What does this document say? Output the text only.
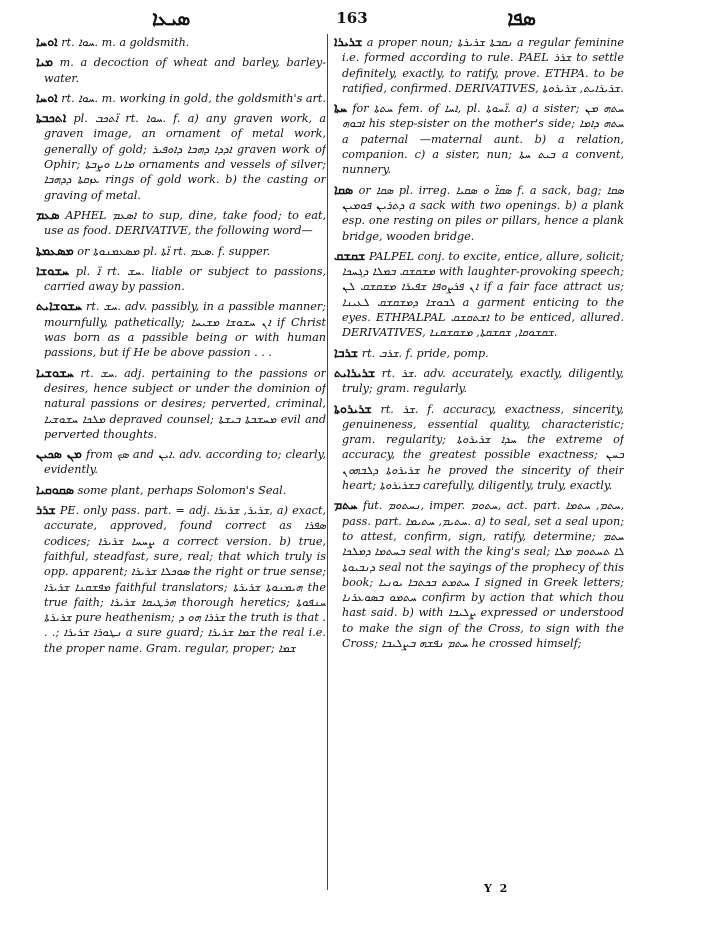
ܣܝܥܐ	163	ܣܦܐ

ܐܘܚܐ rt. ܚܘܐ. m. a goldsmith.

ܡܝܐ m. a decoction of wheat and barley, barley-water.

ܐܘܚܐ rt. ܚܘܐ. m. working in gold, the goldsmith's art.

ܐܬܟܒܬܐ pl. ܐ̈ܬܟܒ rt. ܚܘܐ. f. a) any graven work, a graven image, an ornament of metal work, generally of gold; ܐܕܕܐ ܕܗܒܐ ܕܐܘܦܝܪ graven work of Ophir; ܡܐܢܐ ܘܨܒܬܐ ornaments and vessels of silver; ܥܙܩܬܐ ܕܕܗܒܐ rings of gold work. b) the casting or graving of metal.

ܣܥܡ APHEL ܐܣܥܡ to sup, dine, take food; to eat, use as food. DERIVATIVE, the following word—

ܡܣܥܡܬܐ or ܡܣܥܡܢܘܬܐ pl. ܐ̈ܬܐ rt. ܣܥܡ. f. supper.

ܚܫܘܫܐ pl. ܐ̈ rt. ܚܫ. liable or subject to passions, carried away by passion.

ܚܫܘܫܐܝܬ rt. ܚܫ. adv. passibly, in a passible manner; mournfully, pathetically; ܐܢ ܚܫܘܫܐ ܡܫܝܚܐ if Christ was born as a passible being or with human passions, but if He be above passion . . .

ܚܫܘܫܝܐ rt. ܚܫ. adj. pertaining to the passions or desires, hence subject or under the dominion of natural passions or desires; perverted, criminal, ܡܠܟܐ ܚܫܘܫܝܐ depraved counsel; ܡܚܫܒܬܐ ܒܝܫܬܐ evil and perverted thoughts.

ܡܢ ܣܟܝܢ from ܣܟ and ܐܝܢ. adv. according to; clearly, evidently.

ܣܩܘܩܝܐ some plant, perhaps Solomon's Seal.

ܫܪܪ PE. only pass. part. = adj. ܫܪܝܪ, ܫܪܝܪܐ, a) exact, accurate, approved, found correct as ܣܦܪܐ codices; ܨܚܚܐ ܫܪܝܪܐ a correct version. b) true, faithful, steadfast, sure, real; that which truly is opp. apparent; ܣܘܟܠܐ ܫܪܝܪܐ the right or true sense; ܡܦܫܩܢܐ ܫܪܝܪܐ faithful translators; ܗܝܡܢܘܬܐ ܫܪܝܪܬܐ the true faith; ܗܪܛܝܩܐ ܫܪܝܪܐ thorough heretics; ܚܢܦܘܬܐ ܫܪܝܪܬܐ pure heathenism; ܫܪܪܐ ܗܘ ܕ the truth is that . . .; ܢܛܘܪܐ ܫܪܝܪܐ a sure guard; ܫܡܐ ܫܪܝܪܐ the real i.e. the proper name. Gram. regular, proper; ܫܡܐ

ܫܪܝܪܐ a proper noun; ܢܩܒܬܐ ܫܪܝܪܬܐ a regular feminine i.e. formed according to rule. PAEL ܫܪܪ to settle definitely, exactly, to ratify, prove. ETHPA. to be ratified, confirmed. DERIVATIVES, ܫܪܝܪܐܝܬ, ܫܪܝܪܘܬܐ.

ܚܬܐ for ܚܬܬܐ fem. of ܐܚܐ, pl. ܐ̈ܚܘܬܐ. a) a sister; ܚܬܗ ܡܢ ܐܒܘܗ his step-sister on the mother's side; ܚܬܗ ܕܐܡܐ a paternal —maternal aunt. b) a relation, companion. c) a sister, nun; ܒܝܬ ܚܬܐ a convent, nunnery.

ܣܩܐ or ܣܩܐ pl. irreg. ܣܩܐ̈ ܘ ܣܩܝܐ f. a sack, bag; ܣܩܐ ܕܬܪܝܢ ܦܘܡܝܢ a sack with two openings. b) a plank esp. one resting on piles or pillars, hence a plank bridge, wooden bridge.

ܫܩܫܩ PALPEL conj. to excite, entice, allure, solicit; ܡܫܩܫܩ ܒܡܠܐ ܕܓܚܟܐ with laughter-provoking speech; ܐܢ ܦܪܨܘܦܐ ܫܦܝܪܐ ܡܫܩܫܩ ܠܢ if a fair face attract us; ܠܒܘܫܐ ܕܡܫܩܫܩ ܠܥܝܢܐ a garment enticing to the eyes. ETHPALPAL ܐܫܬܩܫܩ to be enticed, allured. DERIVATIVES, ܫܩܫܘܩܐ, ܫܩܫܩܬܐ, ܡܫܩܫܩܢܐ.

ܫܪܒܐ rt. ܫܪܒ. f. pride, pomp.

ܫܪܝܪܐܝܬ rt. ܫܪ. adv. accurately, exactly, diligently, truly; gram. regularly.

ܫܪܝܪܘܬܐ rt. ܫܪ. f. accuracy, exactness, sincerity, genuineness, essential quality, characteristic; gram. regularity; ܚܕܐ ܫܪܝܪܘܬܐ the extreme of accuracy, the greatest possible exactness; ܒܚܢ ܫܪܝܪܘܬܐ ܕܠܒܗܘܢ he proved the sincerity of their heart; ܒܫܪܝܪܘܬܐ carefully, diligently, truly, exactly.

ܚܬܡ fut. ܢܚܬܘܡ, imper. ܚܬܘܡ, act. part. ܚܬܡ, ܚܬܡܐ, pass. part. ܚܬܝܡ, ܚܬܝܡܐ. a) to seal, set a seal upon; to attest, confirm, sign, ratify, determine; ܚܬܡ ܒܚܬܡܐ ܕܡܠܟܐ seal with the king's seal; ܠܐ ܬܚܬܘܡ ܡܠܐ ܕܢܒܝܘܬܐ seal not the sayings of the prophecy of this book; ܚܬܡܬ ܒܟܬܒܐ ܝܘܢܝܐ I signed in Greek letters; ܚܬܡܘ ܒܣܘܥܪܢܐ confirm by action that which thou hast said. b) with ܨܠܝܒܐ expressed or understood to make the sign of the Cross, to sign with the Cross; ܚܬܡ ܢܦܫܗ ܒܨܠܝܒܐ he crossed himself;

Y 2
